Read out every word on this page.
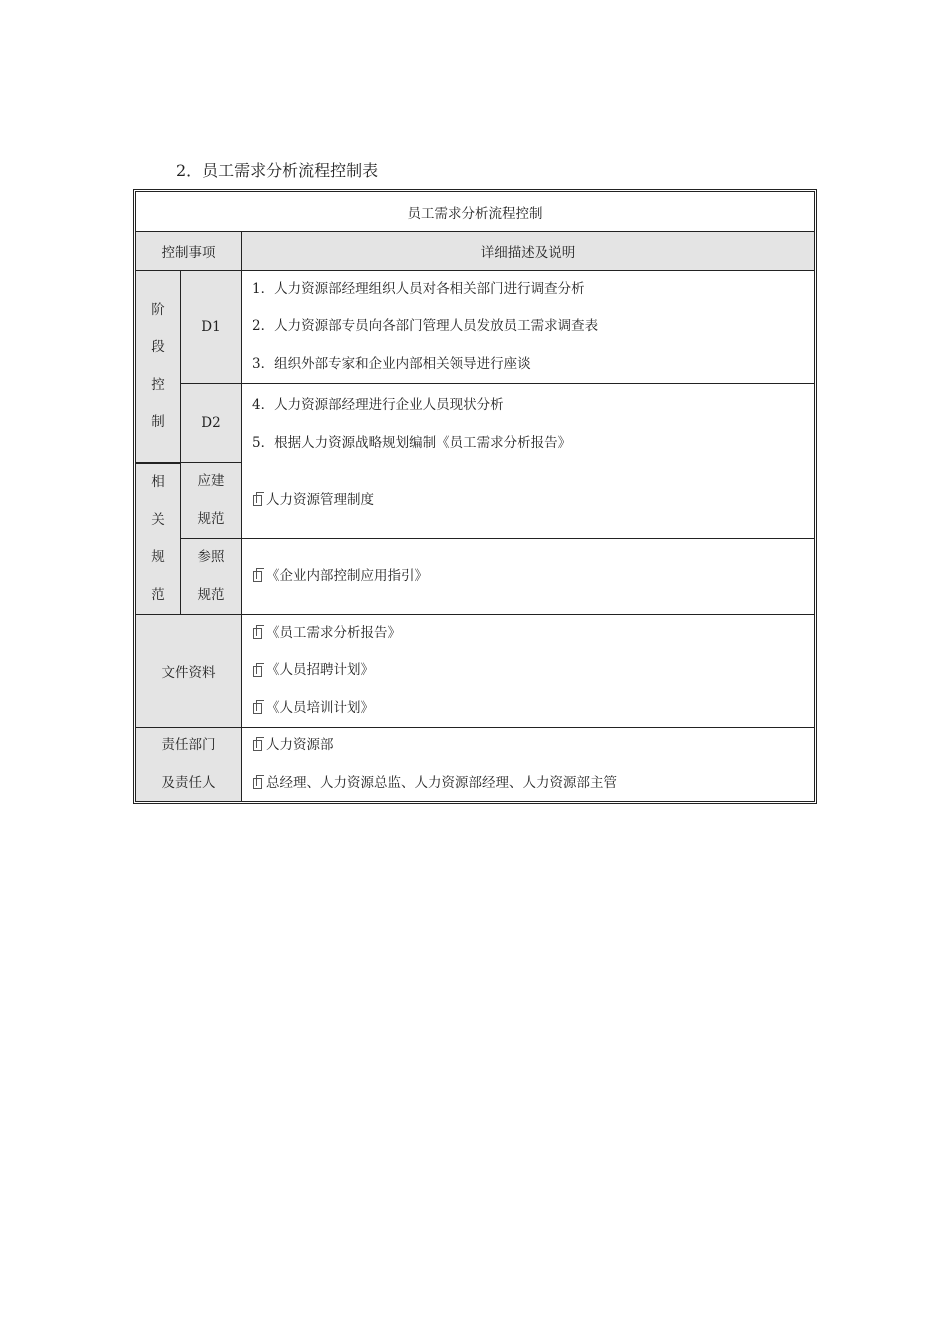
2．员工需求分析流程控制表
员工需求分析流程控制
控制事项	详细描述及说明
阶
段
控
制
D1
1．人力资源部经理组织人员对各相关部门进行调查分析
2．人力资源部专员向各部门管理人员发放员工需求调查表
3．组织外部专家和企业内部相关领导进行座谈
D2
4．人力资源部经理进行企业人员现状分析
5．根据人力资源战略规划编制《员工需求分析报告》
相
关
规
范
应建
规范
人力资源管理制度
参照
规范
《企业内部控制应用指引》
文件资料
《员工需求分析报告》
《人员招聘计划》
《人员培训计划》
责任部门
及责任人
人力资源部
总经理、人力资源总监、人力资源部经理、人力资源部主管
